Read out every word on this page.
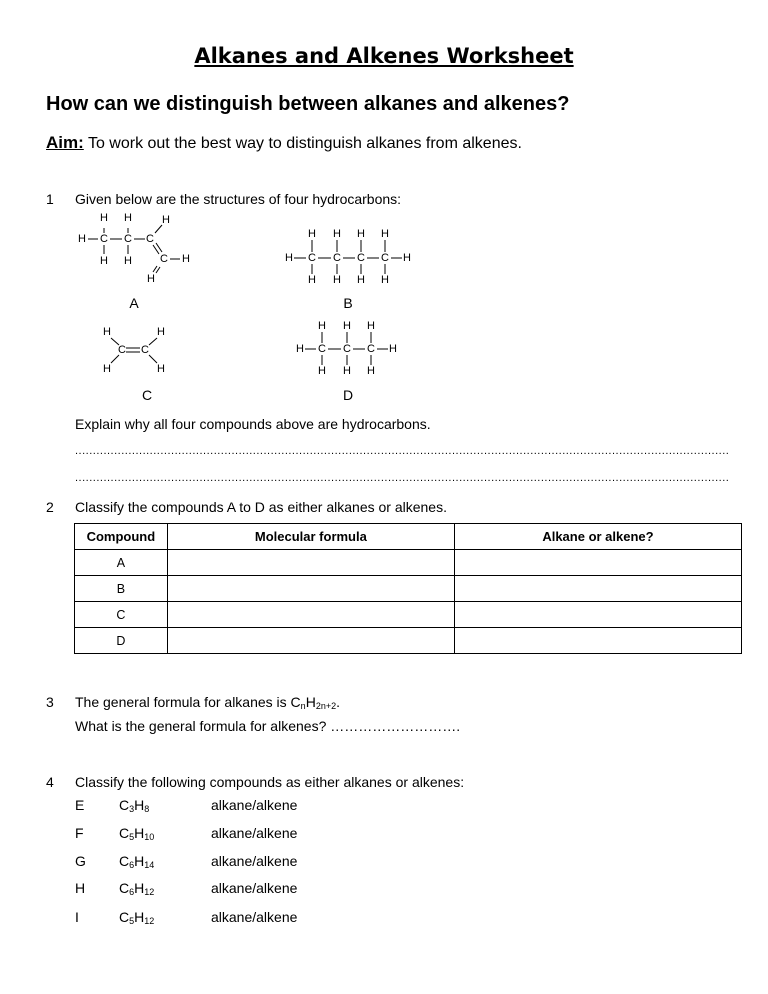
Alkanes and Alkenes Worksheet
How can we distinguish between alkanes and alkenes?
Aim: To work out the best way to distinguish alkanes from alkenes.
1 Given below are the structures of four hydrocarbons:
H H	H
H C C C
H H	C H
H
H H H H
H C C C C H
H H H H
H	H
C C
H	H
H H H
H C C C H
H H H
A	B
C	D
Explain why all four compounds above are hydrocarbons.
........................................................................................................................................................................................
........................................................................................................................................................................................
2 Classify the compounds A to D as either alkanes or alkenes.
Compound	Molecular formula	Alkane or alkene?
A		
B		
C		
D		
3 The general formula for alkanes is $C_nH_{2n+2}$.
What is the general formula for alkenes? ……………………….
4 Classify the following compounds as either alkanes or alkenes:
E $C_3H_8$	alkane/alkene
F	$C_5H_{10}$	alkane/alkene
G $C_6H_{14}$	alkane/alkene
H $C_6H_{12}$	alkane/alkene
I	$C_5H_{12}$	alkane/alkene
